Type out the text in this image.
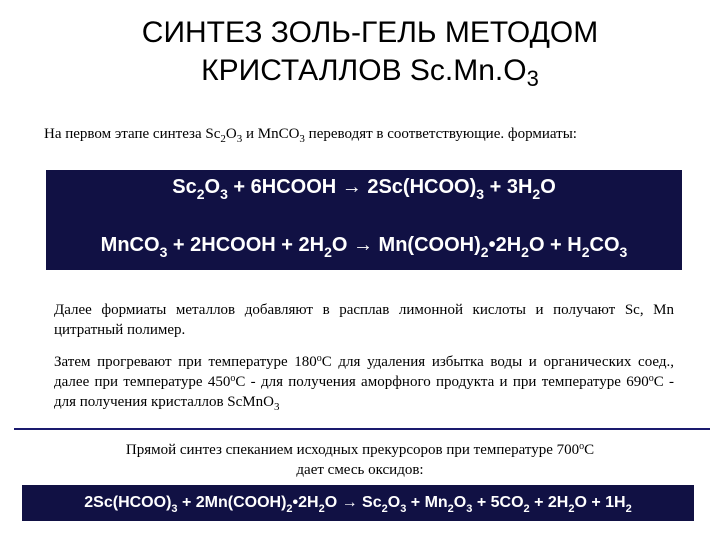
СИНТЕЗ ЗОЛЬ-ГЕЛЬ МЕТОДОМ
КРИСТАЛЛОВ $Sc.Mn.O_3$
На первом этапе синтеза $Sc_2O_3$ и MnCO$_3$ переводят в соответствующие. формиаты:
$Sc_2O_3$ + 6HCOOH → $2Sc(HCOO)_3 + 3H_2O$
MnCO$_3$ + 2HCOOH + $2H_2O$ → $Mn(COOH)_2•2H_2O + H_2CO_3$
Далее формиаты металлов добавляют в расплав лимонной кислоты и получают Sc, Mn цитратный полимер.
Затем прогревают при температуре 180$^o$С для удаления избытка воды и органических соед., далее при температуре 450$^o$С - для получения аморфного продукта и при температуре 690$^o$С - для получения кристаллов ScMnO$_3$
Прямой синтез спеканием исходных прекурсоров при температуре 700$^o$С
дает смесь оксидов:
$2Sc(HCOO)_3$ + $2Mn(COOH)_2•2H_2O \to Sc_2O_3 + Mn_2O_3 + 5CO_2 + 2H_2O + 1H_2$
